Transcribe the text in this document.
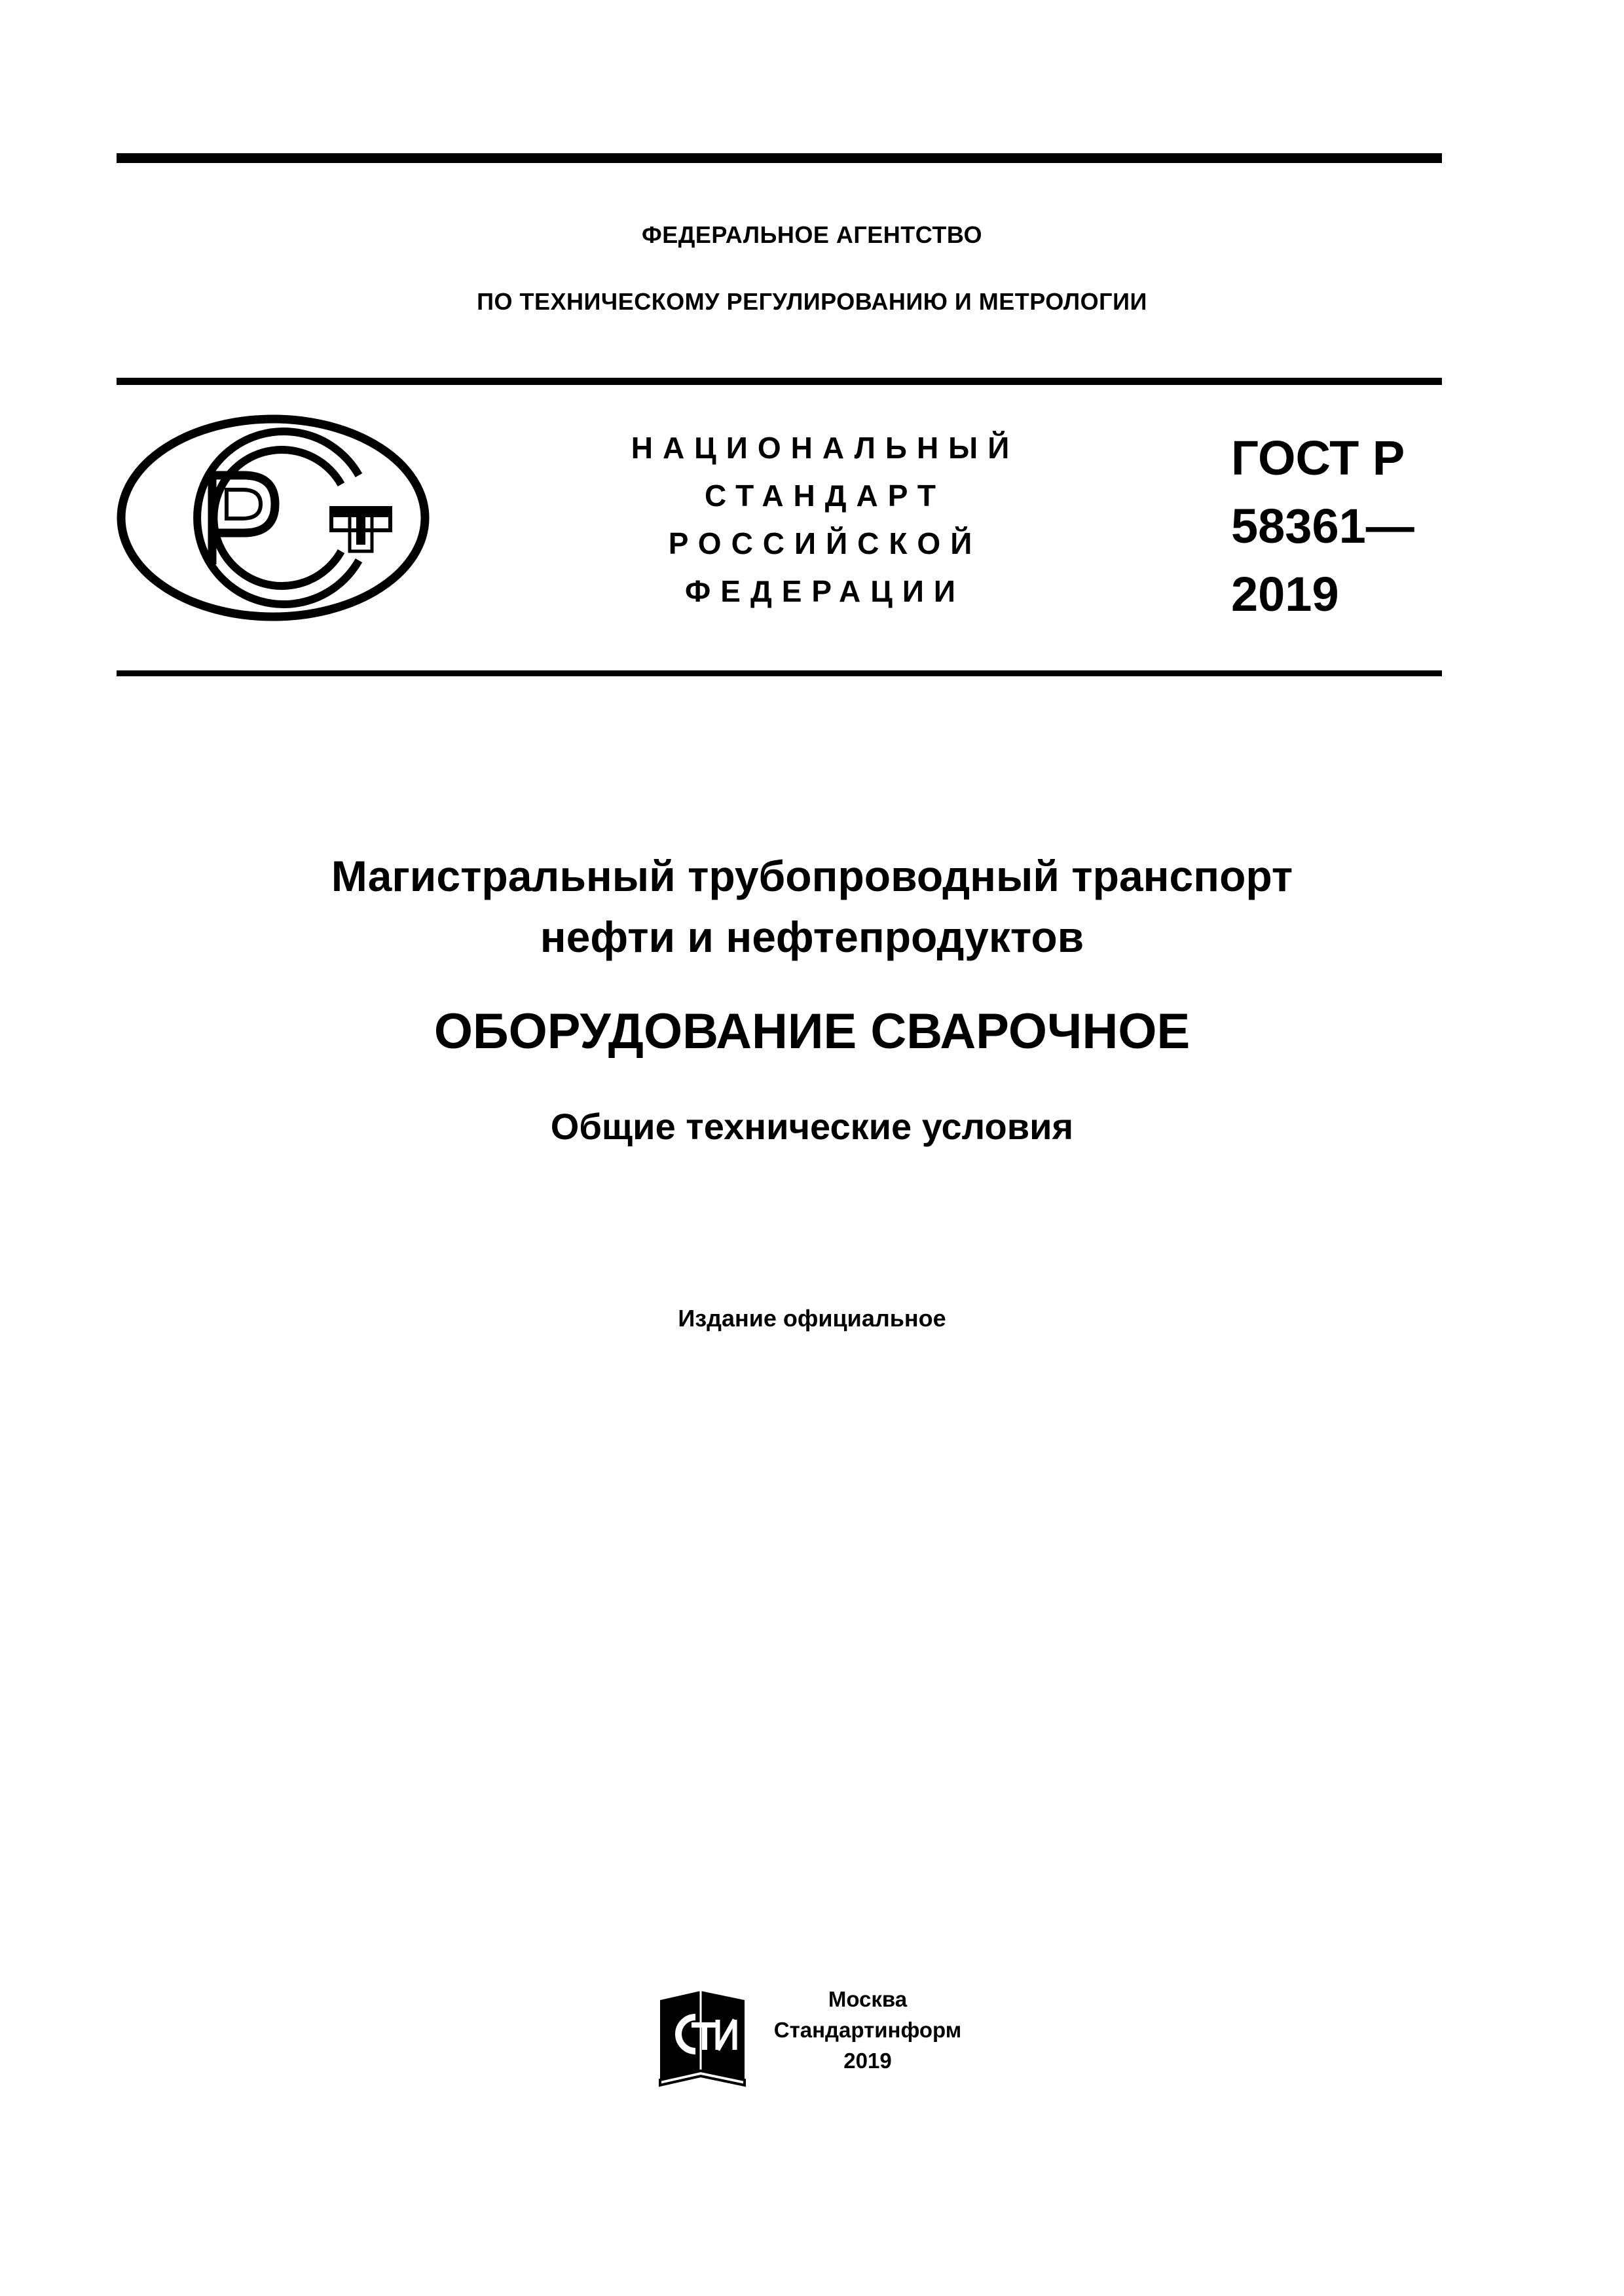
ФЕДЕРАЛЬНОЕ АГЕНТСТВО
ПО ТЕХНИЧЕСКОМУ РЕГУЛИРОВАНИЮ И МЕТРОЛОГИИ
НАЦИОНАЛЬНЫЙ
СТАНДАРТ
РОССИЙСКОЙ
ФЕДЕРАЦИИ
ГОСТ Р
58361—
2019
Магистральный трубопроводный транспорт
нефти и нефтепродуктов
ОБОРУДОВАНИЕ СВАРОЧНОЕ
Общие технические условия
Издание официальное
Москва
Стандартинформ
2019
